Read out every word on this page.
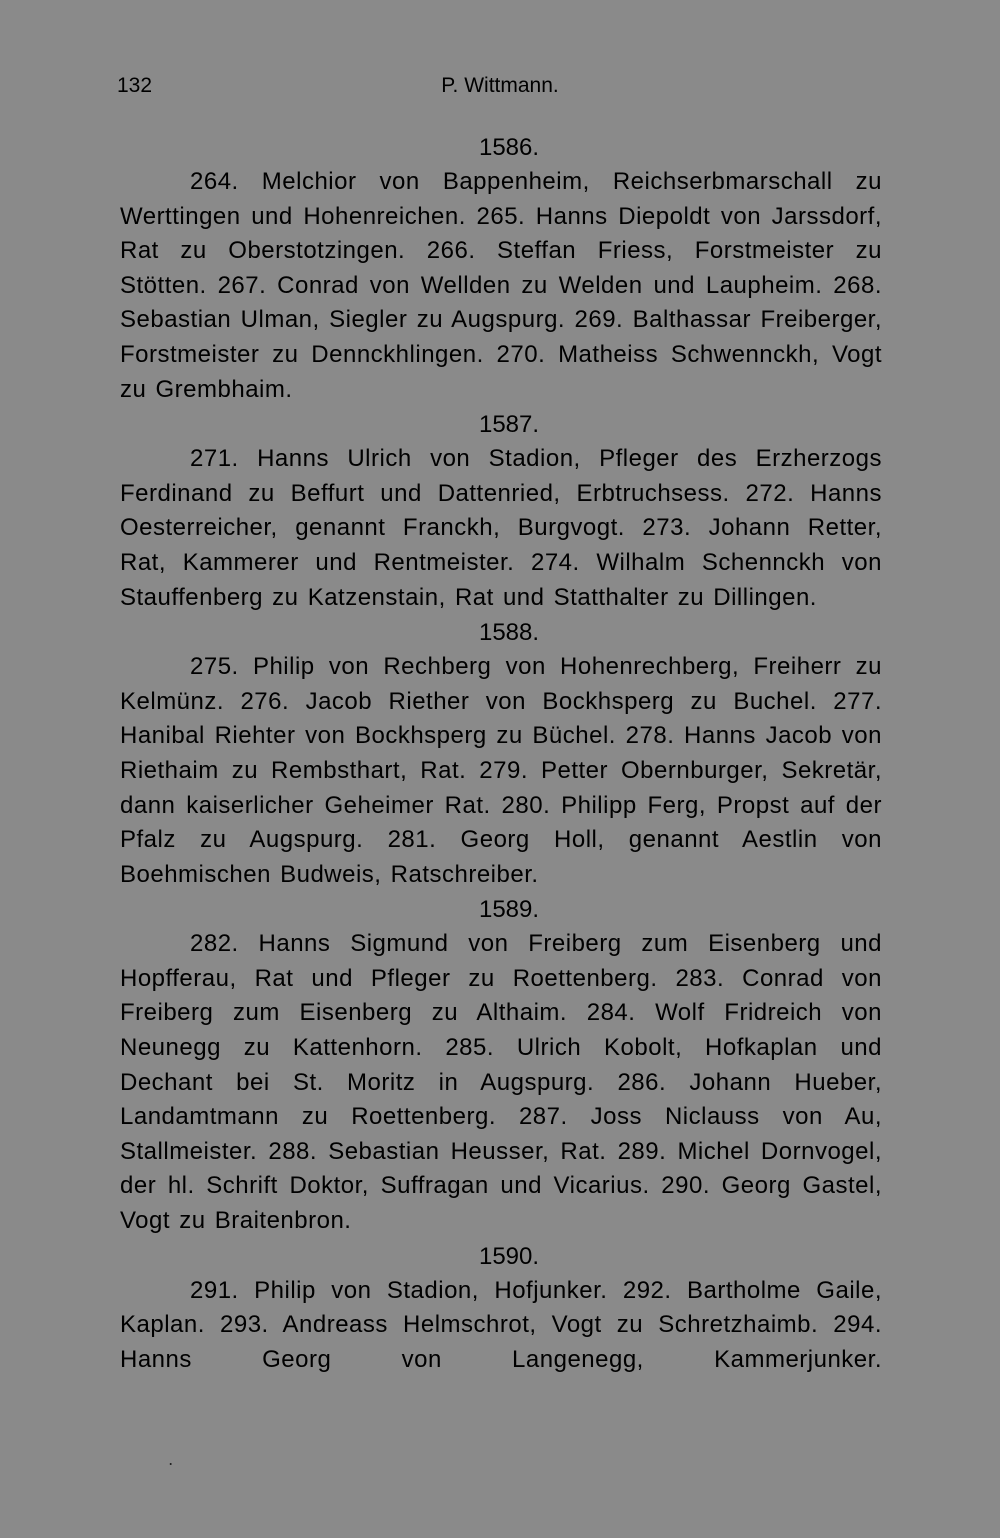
132	P. Wittmann.
1586.

264. Melchior von Bappenheim, Reichserbmarschall zu Werttingen und Hohenreichen. 265. Hanns Diepoldt von Jarssdorf, Rat zu Oberstotzingen. 266. Steffan Friess, Forstmeister zu Stötten. 267. Conrad von Wellden zu Welden und Laupheim. 268. Sebastian Ulman, Siegler zu Augspurg. 269. Balthassar Freiberger, Forstmeister zu Dennckhlingen. 270. Matheiss Schwennckh, Vogt zu Grembhaim.

1587.

271. Hanns Ulrich von Stadion, Pfleger des Erzherzogs Ferdinand zu Beffurt und Dattenried, Erbtruchsess. 272. Hanns Oesterreicher, genannt Franckh, Burgvogt. 273. Johann Retter, Rat, Kammerer und Rentmeister. 274. Wilhalm Schennckh von Stauffenberg zu Katzenstain, Rat und Statthalter zu Dillingen.

1588.

275. Philip von Rechberg von Hohenrechberg, Freiherr zu Kelmünz. 276. Jacob Riether von Bockhsperg zu Buchel. 277. Hanibal Riehter von Bockhsperg zu Büchel. 278. Hanns Jacob von Riethaim zu Rembsthart, Rat. 279. Petter Obernburger, Sekretär, dann kaiserlicher Geheimer Rat. 280. Philipp Ferg, Propst auf der Pfalz zu Augspurg. 281. Georg Holl, genannt Aestlin von Boehmischen Budweis, Ratschreiber.

1589.

282. Hanns Sigmund von Freiberg zum Eisenberg und Hopfferau, Rat und Pfleger zu Roettenberg. 283. Conrad von Freiberg zum Eisenberg zu Althaim. 284. Wolf Fridreich von Neunegg zu Kattenhorn. 285. Ulrich Kobolt, Hofkaplan und Dechant bei St. Moritz in Augspurg. 286. Johann Hueber, Landamtmann zu Roettenberg. 287. Joss Niclauss von Au, Stallmeister. 288. Sebastian Heusser, Rat. 289. Michel Dornvogel, der hl. Schrift Doktor, Suffragan und Vicarius. 290. Georg Gastel, Vogt zu Braitenbron.

1590.

291. Philip von Stadion, Hofjunker. 292. Bartholme Gaile, Kaplan. 293. Andreass Helmschrot, Vogt zu Schretzhaimb. 294. Hanns Georg von Langenegg, Kammerjunker.

․
